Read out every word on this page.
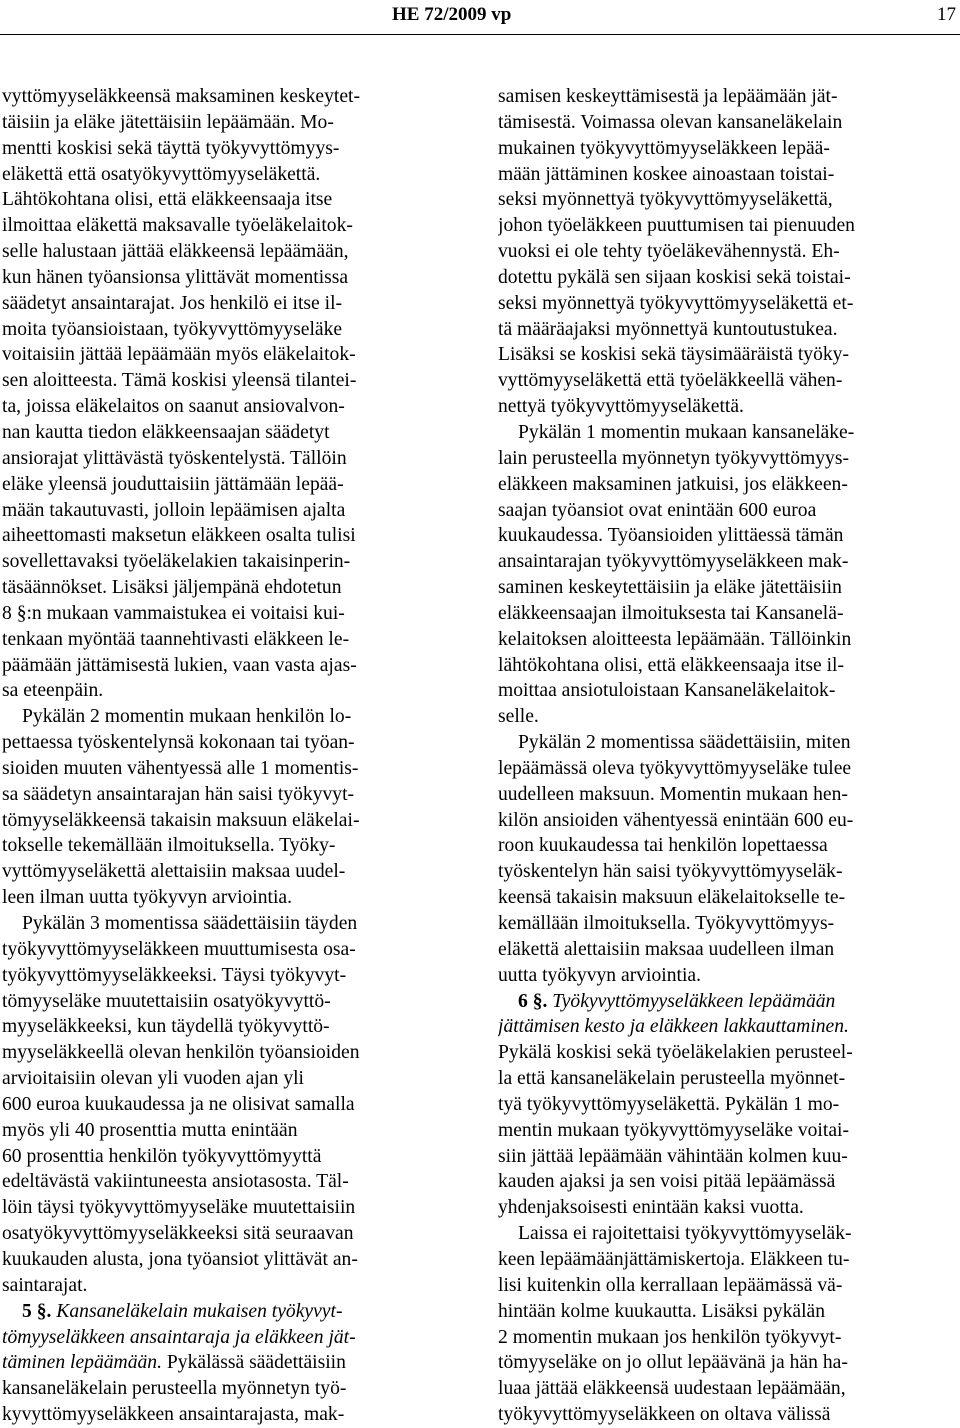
HE 72/2009 vp	17
vyttömyyseläkkeensä maksaminen keskeytet-
täisiin ja eläke jätettäisiin lepäämään. Mo-
mentti koskisi sekä täyttä työkyvyttömyys-
eläkettä että osatyökyvyttömyyseläkettä.
Lähtökohtana olisi, että eläkkeensaaja itse
ilmoittaa eläkettä maksavalle työeläkelaitok-
selle halustaan jättää eläkkeensä lepäämään,
kun hänen työansionsa ylittävät momentissa
säädetyt ansaintarajat. Jos henkilö ei itse il-
moita työansioistaan, työkyvyttömyyseläke
voitaisiin jättää lepäämään myös eläkelaitok-
sen aloitteesta. Tämä koskisi yleensä tilantei-
ta, joissa eläkelaitos on saanut ansiovalvon-
nan kautta tiedon eläkkeensaajan säädetyt
ansiorajat ylittävästä työskentelystä. Tällöin
eläke yleensä jouduttaisiin jättämään lepää-
mään takautuvasti, jolloin lepäämisen ajalta
aiheettomasti maksetun eläkkeen osalta tulisi
sovellettavaksi työeläkelakien takaisinperin-
täsäännökset. Lisäksi jäljempänä ehdotetun
8 §:n mukaan vammaistukea ei voitaisi kui-
tenkaan myöntää taannehtivasti eläkkeen le-
päämään jättämisestä lukien, vaan vasta ajas-
sa eteenpäin.
Pykälän 2 momentin mukaan henkilön lo-
pettaessa työskentelynsä kokonaan tai työan-
sioiden muuten vähentyessä alle 1 momentis-
sa säädetyn ansaintarajan hän saisi työkyvyt-
tömyyseläkkeensä takaisin maksuun eläkelai-
tokselle tekemällään ilmoituksella. Työky-
vyttömyyseläkettä alettaisiin maksaa uudel-
leen ilman uutta työkyvyn arviointia.
Pykälän 3 momentissa säädettäisiin täyden
työkyvyttömyyseläkkeen muuttumisesta osa-
työkyvyttömyyseläkkeeksi. Täysi työkyvyt-
tömyyseläke muutettaisiin osatyökyvyttö-
myyseläkkeeksi, kun täydellä työkyvyttö-
myyseläkkeellä olevan henkilön työansioiden
arvioitaisiin olevan yli vuoden ajan yli
600 euroa kuukaudessa ja ne olisivat samalla
myös yli 40 prosenttia mutta enintään
60 prosenttia henkilön työkyvyttömyyttä
edeltävästä vakiintuneesta ansiotasosta. Täl-
löin täysi työkyvyttömyyseläke muutettaisiin
osatyökyvyttömyyseläkkeeksi sitä seuraavan
kuukauden alusta, jona työansiot ylittävät an-
saintarajat.
5 §. Kansaneläkelain mukaisen työkyvyt-
tömyyseläkkeen ansaintaraja ja eläkkeen jät-
täminen lepäämään. Pykälässä säädettäisiin
kansaneläkelain perusteella myönnetyn työ-
kyvyttömyyseläkkeen ansaintarajasta, mak-
samisen keskeyttämisestä ja lepäämään jät-
tämisestä. Voimassa olevan kansaneläkelain
mukainen työkyvyttömyyseläkkeen lepää-
mään jättäminen koskee ainoastaan toistai-
seksi myönnettyä työkyvyttömyyseläkettä,
johon työeläkkeen puuttumisen tai pienuuden
vuoksi ei ole tehty työeläkevähennystä. Eh-
dotettu pykälä sen sijaan koskisi sekä toistai-
seksi myönnettyä työkyvyttömyyseläkettä et-
tä määräajaksi myönnettyä kuntoutustukea.
Lisäksi se koskisi sekä täysimääräistä työky-
vyttömyyseläkettä että työeläkkeellä vähen-
nettyä työkyvyttömyyseläkettä.
Pykälän 1 momentin mukaan kansaneläke-
lain perusteella myönnetyn työkyvyttömyys-
eläkkeen maksaminen jatkuisi, jos eläkkeen-
saajan työansiot ovat enintään 600 euroa
kuukaudessa. Työansioiden ylittäessä tämän
ansaintarajan työkyvyttömyyseläkkeen mak-
saminen keskeytettäisiin ja eläke jätettäisiin
eläkkeensaajan ilmoituksesta tai Kansanelä-
kelaitoksen aloitteesta lepäämään. Tällöinkin
lähtökohtana olisi, että eläkkeensaaja itse il-
moittaa ansiotuloistaan Kansaneläkelaitok-
selle.
Pykälän 2 momentissa säädettäisiin, miten
lepäämässä oleva työkyvyttömyyseläke tulee
uudelleen maksuun. Momentin mukaan hen-
kilön ansioiden vähentyessä enintään 600 eu-
roon kuukaudessa tai henkilön lopettaessa
työskentelyn hän saisi työkyvyttömyyseläk-
keensä takaisin maksuun eläkelaitokselle te-
kemällään ilmoituksella. Työkyvyttömyys-
eläkettä alettaisiin maksaa uudelleen ilman
uutta työkyvyn arviointia.
6 §. Työkyvyttömyyseläkkeen lepäämään
jättämisen kesto ja eläkkeen lakkauttaminen.
Pykälä koskisi sekä työeläkelakien perusteel-
la että kansaneläkelain perusteella myönnet-
tyä työkyvyttömyyseläkettä. Pykälän 1 mo-
mentin mukaan työkyvyttömyyseläke voitai-
siin jättää lepäämään vähintään kolmen kuu-
kauden ajaksi ja sen voisi pitää lepäämässä
yhdenjaksoisesti enintään kaksi vuotta.
Laissa ei rajoitettaisi työkyvyttömyyseläk-
keen lepäämäänjättämiskertoja. Eläkkeen tu-
lisi kuitenkin olla kerrallaan lepäämässä vä-
hintään kolme kuukautta. Lisäksi pykälän
2 momentin mukaan jos henkilön työkyvyt-
tömyyseläke on jo ollut lepäävänä ja hän ha-
luaa jättää eläkkeensä uudestaan lepäämään,
työkyvyttömyyseläkkeen on oltava välissä
